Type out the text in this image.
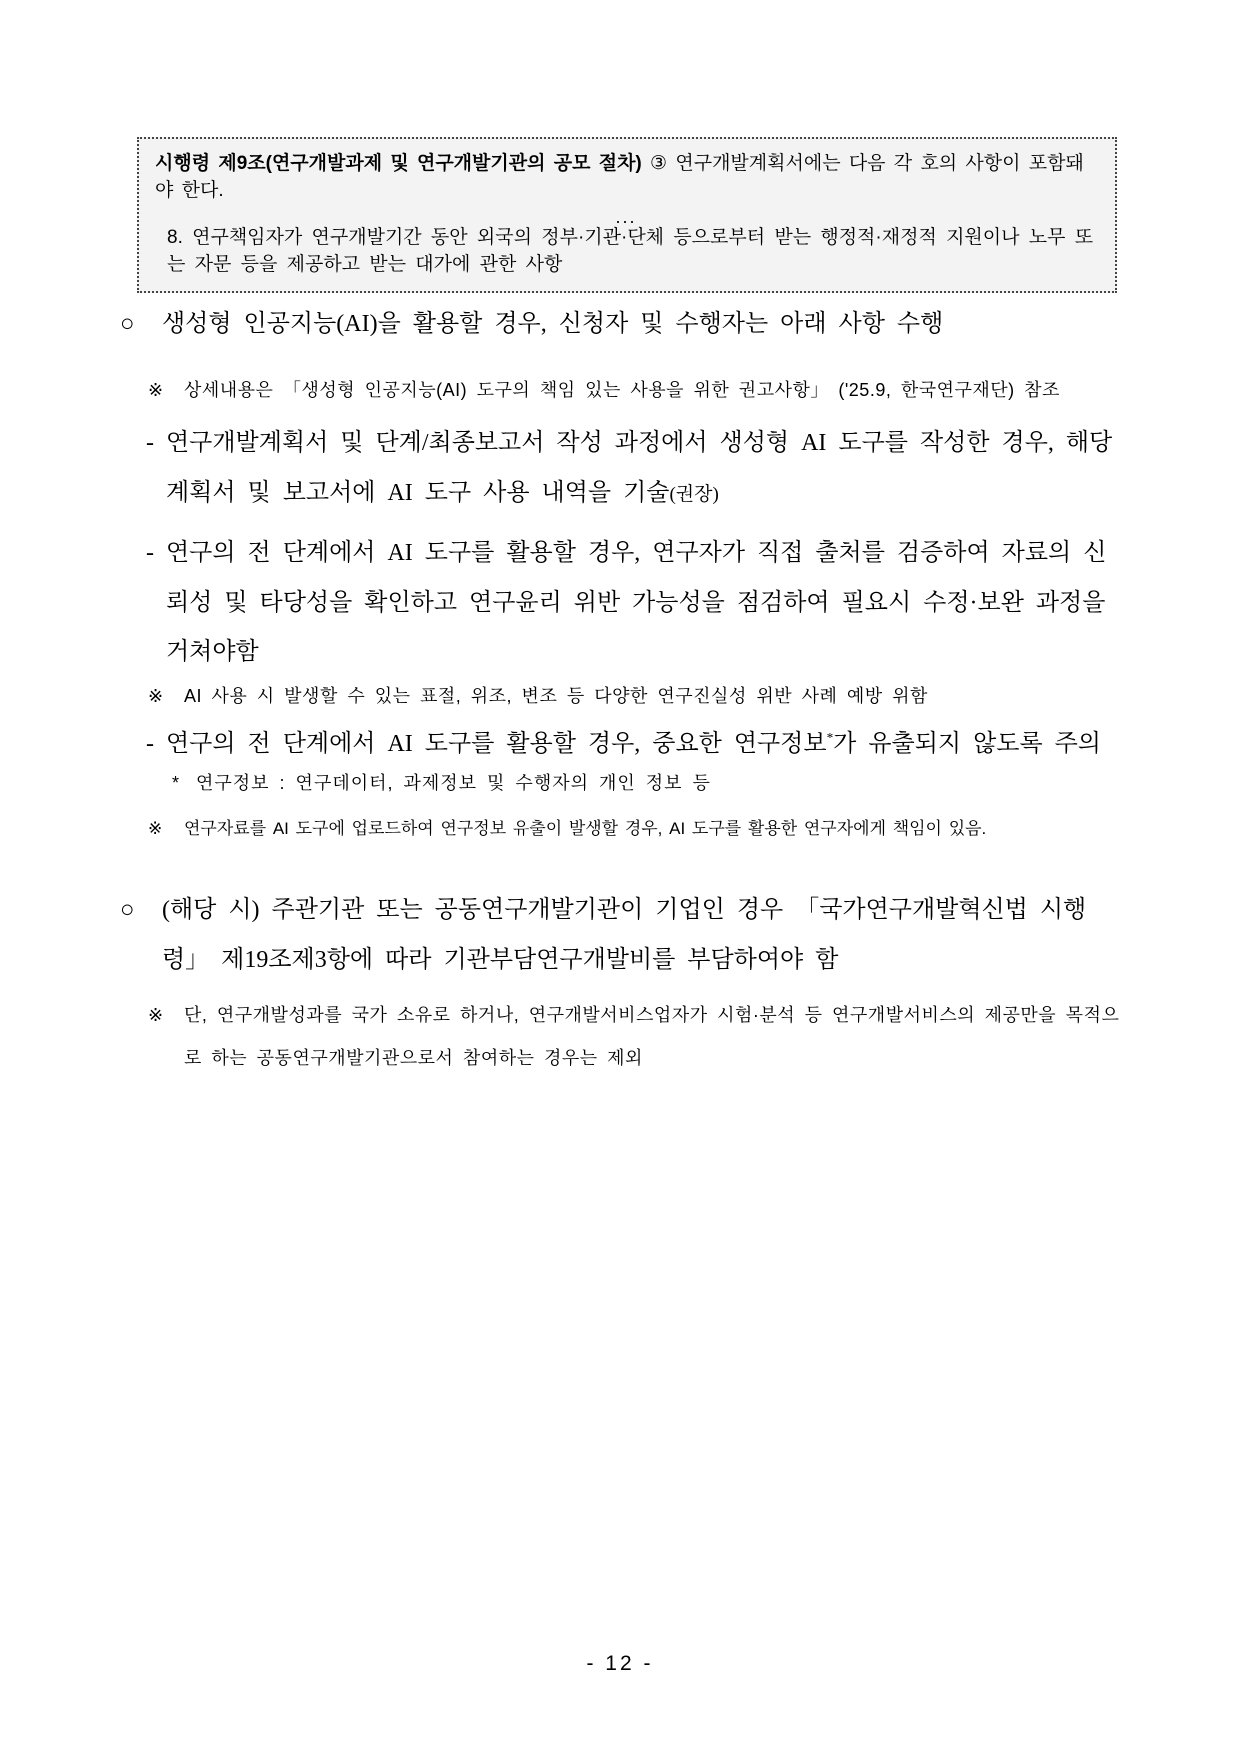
시행령 제9조(연구개발과제 및 연구개발기관의 공모 절차) ③ 연구개발계획서에는 다음 각 호의 사항이 포함돼야 한다.

...

8. 연구책임자가 연구개발기간 동안 외국의 정부·기관·단체 등으로부터 받는 행정적·재정적 지원이나 노무 또는 자문 등을 제공하고 받는 대가에 관한 사항

○ 생성형 인공지능(AI)을 활용할 경우, 신청자 및 수행자는 아래 사항 수행

※ 상세내용은 「생성형 인공지능(AI) 도구의 책임 있는 사용을 위한 권고사항」 ('25.9, 한국연구재단) 참조

- 연구개발계획서 및 단계/최종보고서 작성 과정에서 생성형 AI 도구를 작성한 경우, 해당 계획서 및 보고서에 AI 도구 사용 내역을 기술(권장)

- 연구의 전 단계에서 AI 도구를 활용할 경우, 연구자가 직접 출처를 검증하여 자료의 신뢰성 및 타당성을 확인하고 연구윤리 위반 가능성을 점검하여 필요시 수정·보완 과정을 거쳐야함

※ AI 사용 시 발생할 수 있는 표절, 위조, 변조 등 다양한 연구진실성 위반 사례 예방 위함

- 연구의 전 단계에서 AI 도구를 활용할 경우, 중요한 연구정보*가 유출되지 않도록 주의

* 연구정보 : 연구데이터, 과제정보 및 수행자의 개인 정보 등

※ 연구자료를 AI 도구에 업로드하여 연구정보 유출이 발생할 경우, AI 도구를 활용한 연구자에게 책임이 있음.

○ (해당 시) 주관기관 또는 공동연구개발기관이 기업인 경우 「국가연구개발혁신법 시행령」 제19조제3항에 따라 기관부담연구개발비를 부담하여야 함

※ 단, 연구개발성과를 국가 소유로 하거나, 연구개발서비스업자가 시험·분석 등 연구개발서비스의 제공만을 목적으로 하는 공동연구개발기관으로서 참여하는 경우는 제외

- 12 -
